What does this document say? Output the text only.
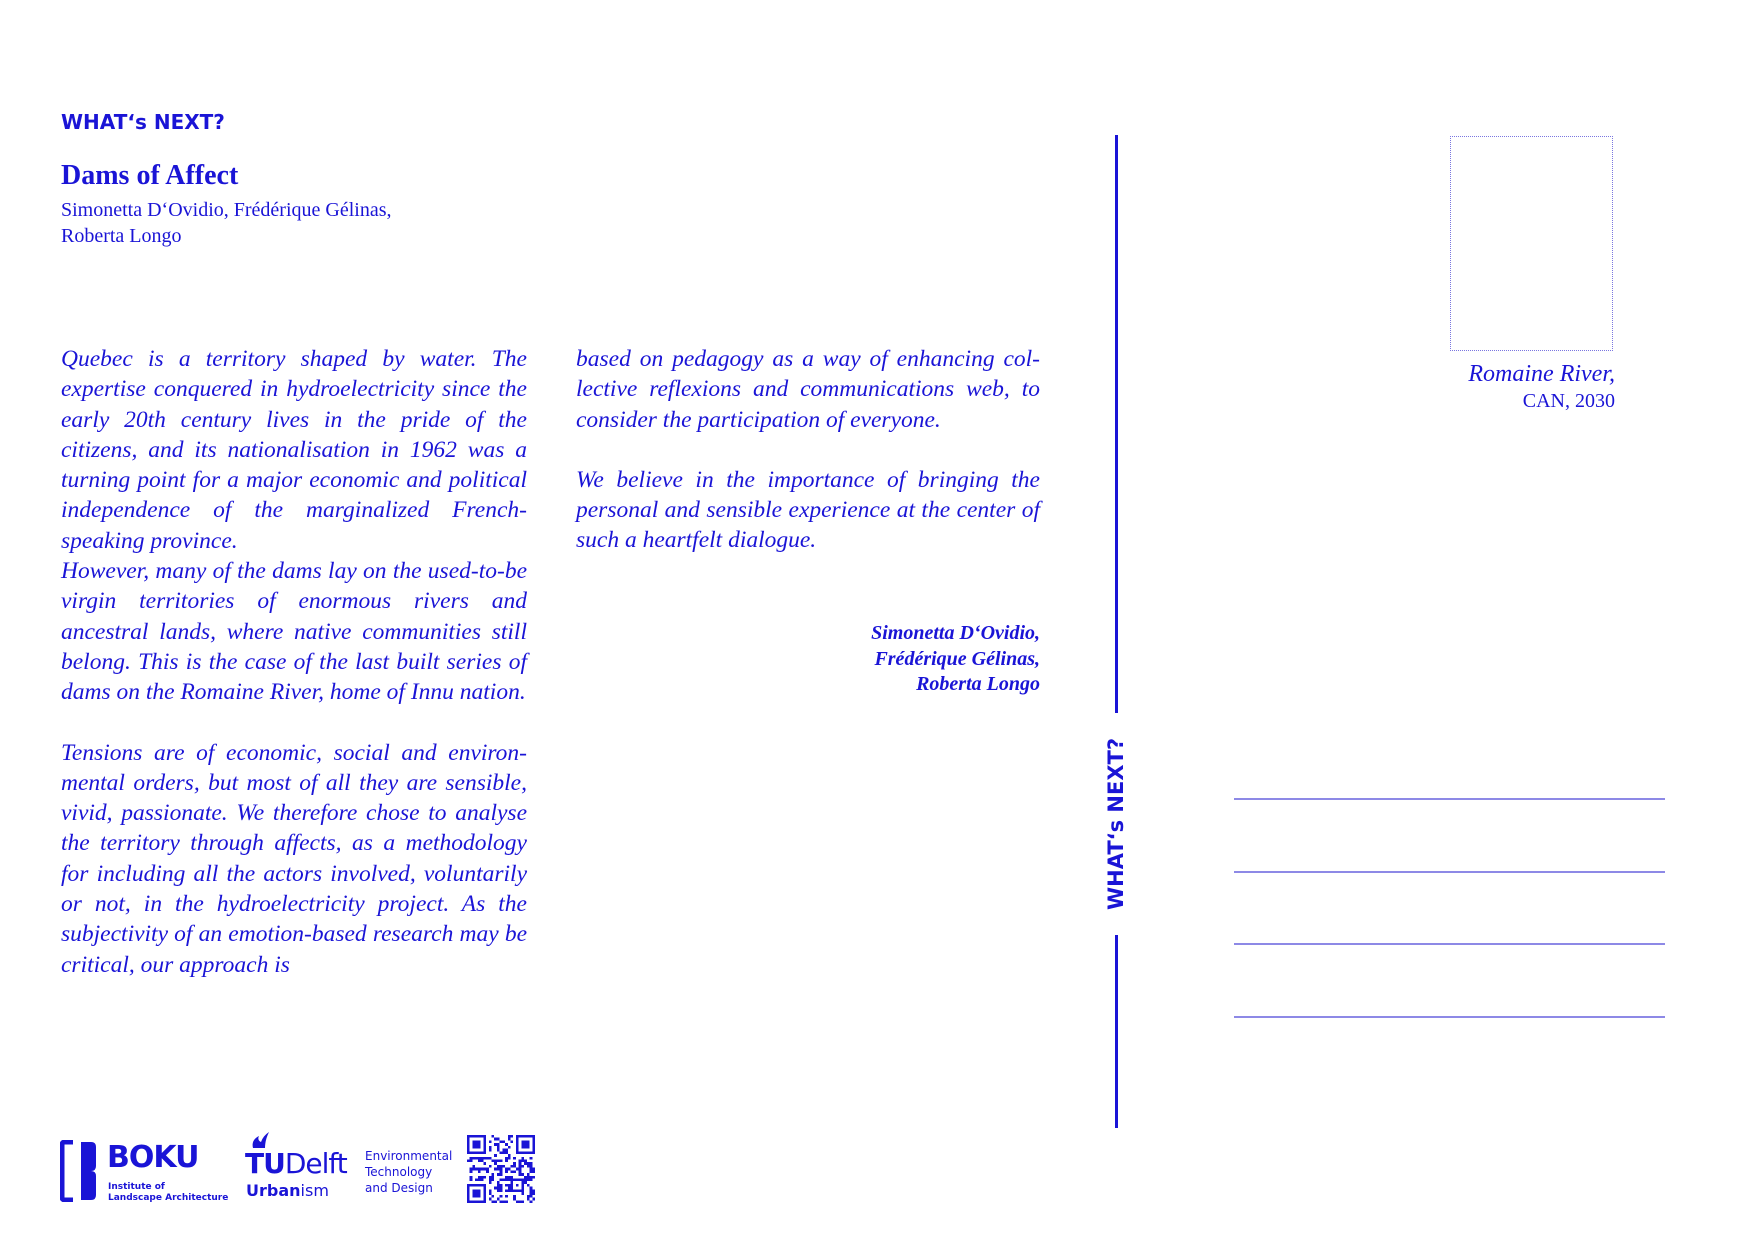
WHAT‘s NEXT?
Dams of Affect
Simonetta D‘Ovidio, Frédérique Gélinas,
Roberta Longo

Quebec is a territory shaped by water. The expertise conquered in hydroelectricity since the early 20th century lives in the pride of the citizens, and its nationalisation in 1962 was a turning point for a major economic and political independence of the marginalized French-speaking province.

However, many of the dams lay on the used-to-be virgin territories of enormous rivers and ancestral lands, where native communities still belong. This is the case of the last built series of dams on the Romaine River, home of Innu nation.

Tensions are of economic, social and environmental orders, but most of all they are sensible, vivid, passionate. We therefore chose to analyse the territory through affects, as a methodology for including all the actors involved, voluntarily or not, in the hydroelectricity project. As the subjectivity of an emotion-based research may be critical, our approach is

based on pedagogy as a way of enhancing collective reflexions and communications web, to consider the participation of everyone.

We believe in the importance of bringing the personal and sensible experience at the center of such a heartfelt dialogue.

Simonetta D‘Ovidio,
Frédérique Gélinas,
Roberta Longo
WHAT‘s NEXT?
Romaine River,
CAN, 2030
BOKU
Institute of
Landscape Architecture
TUDelft
Urbanism
Environmental
Technology
and Design
